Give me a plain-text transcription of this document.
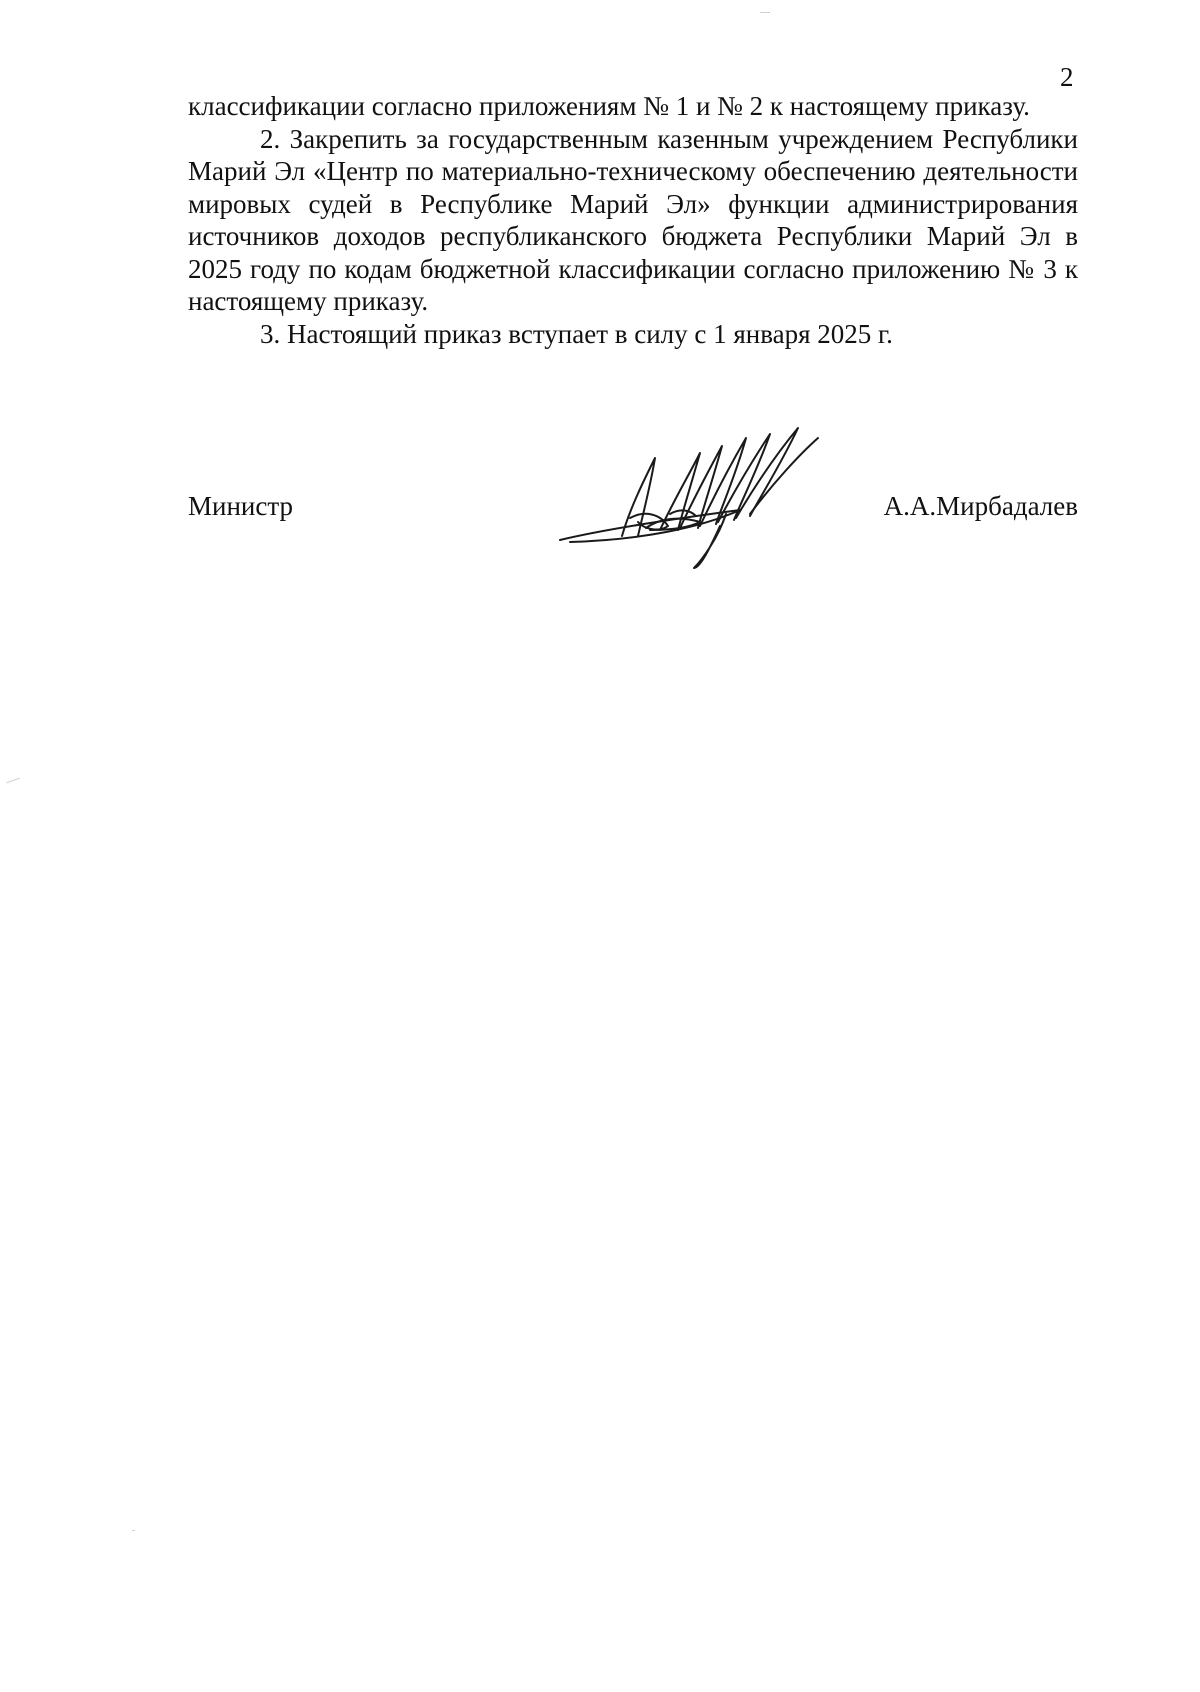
2

классификации согласно приложениям № 1 и № 2 к настоящему приказу.

2. Закрепить за государственным казенным учреждением Республики Марий Эл «Центр по материально-техническому обеспечению деятельности мировых судей в Республике Марий Эл» функции администрирования источников доходов республиканского бюджета Республики Марий Эл в 2025 году по кодам бюджетной классификации согласно приложению № 3 к настоящему приказу.

3. Настоящий приказ вступает в силу с 1 января 2025 г.

Министр	А.А.Мирбадалев
